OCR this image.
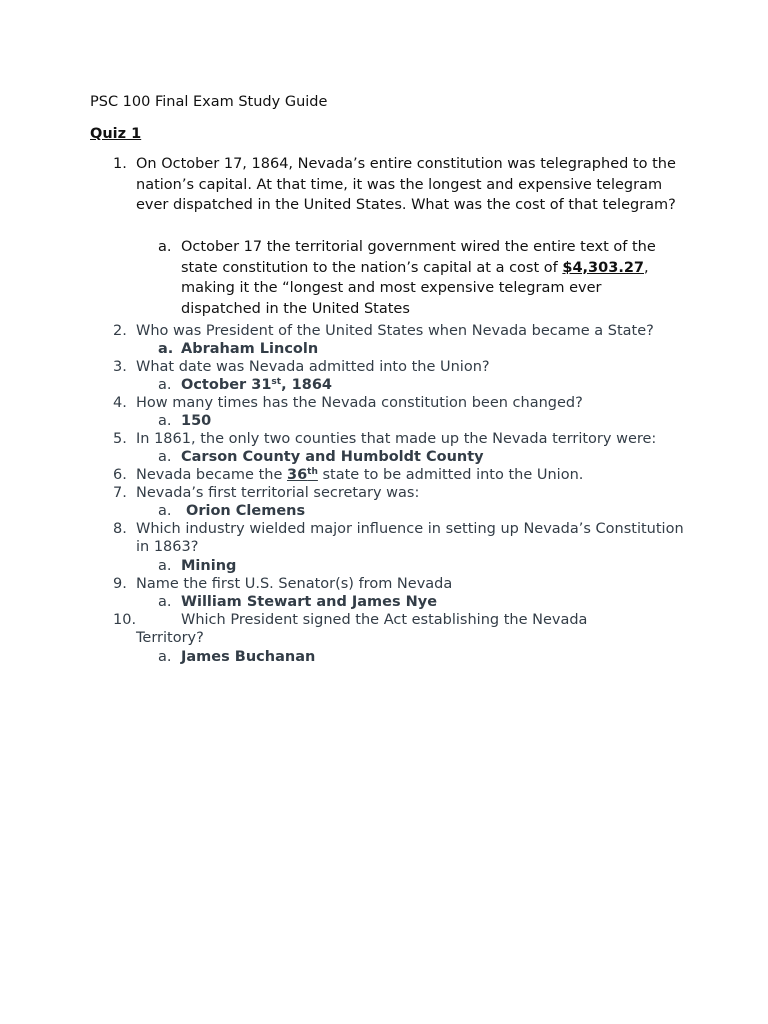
PSC 100 Final Exam Study Guide
Quiz 1
1. On October 17, 1864, Nevada’s entire constitution was telegraphed to the nation’s capital. At that time, it was the longest and expensive telegram ever dispatched in the United States. What was the cost of that telegram?
a. October 17 the territorial government wired the entire text of the state constitution to the nation’s capital at a cost of $4,303.27, making it the “longest and most expensive telegram ever dispatched in the United States
2. Who was President of the United States when Nevada became a State?
a. Abraham Lincoln
3. What date was Nevada admitted into the Union?
a. October 31st, 1864
4. How many times has the Nevada constitution been changed?
a. 150
5. In 1861, the only two counties that made up the Nevada territory were:
a. Carson County and Humboldt County
6. Nevada became the 36th state to be admitted into the Union.
7. Nevada’s first territorial secretary was:
a. Orion Clemens
8. Which industry wielded major influence in setting up Nevada’s Constitution in 1863?
a. Mining
9. Name the first U.S. Senator(s) from Nevada
a. William Stewart and James Nye
10.	Which President signed the Act establishing the Nevada
Territory?
a. James Buchanan
